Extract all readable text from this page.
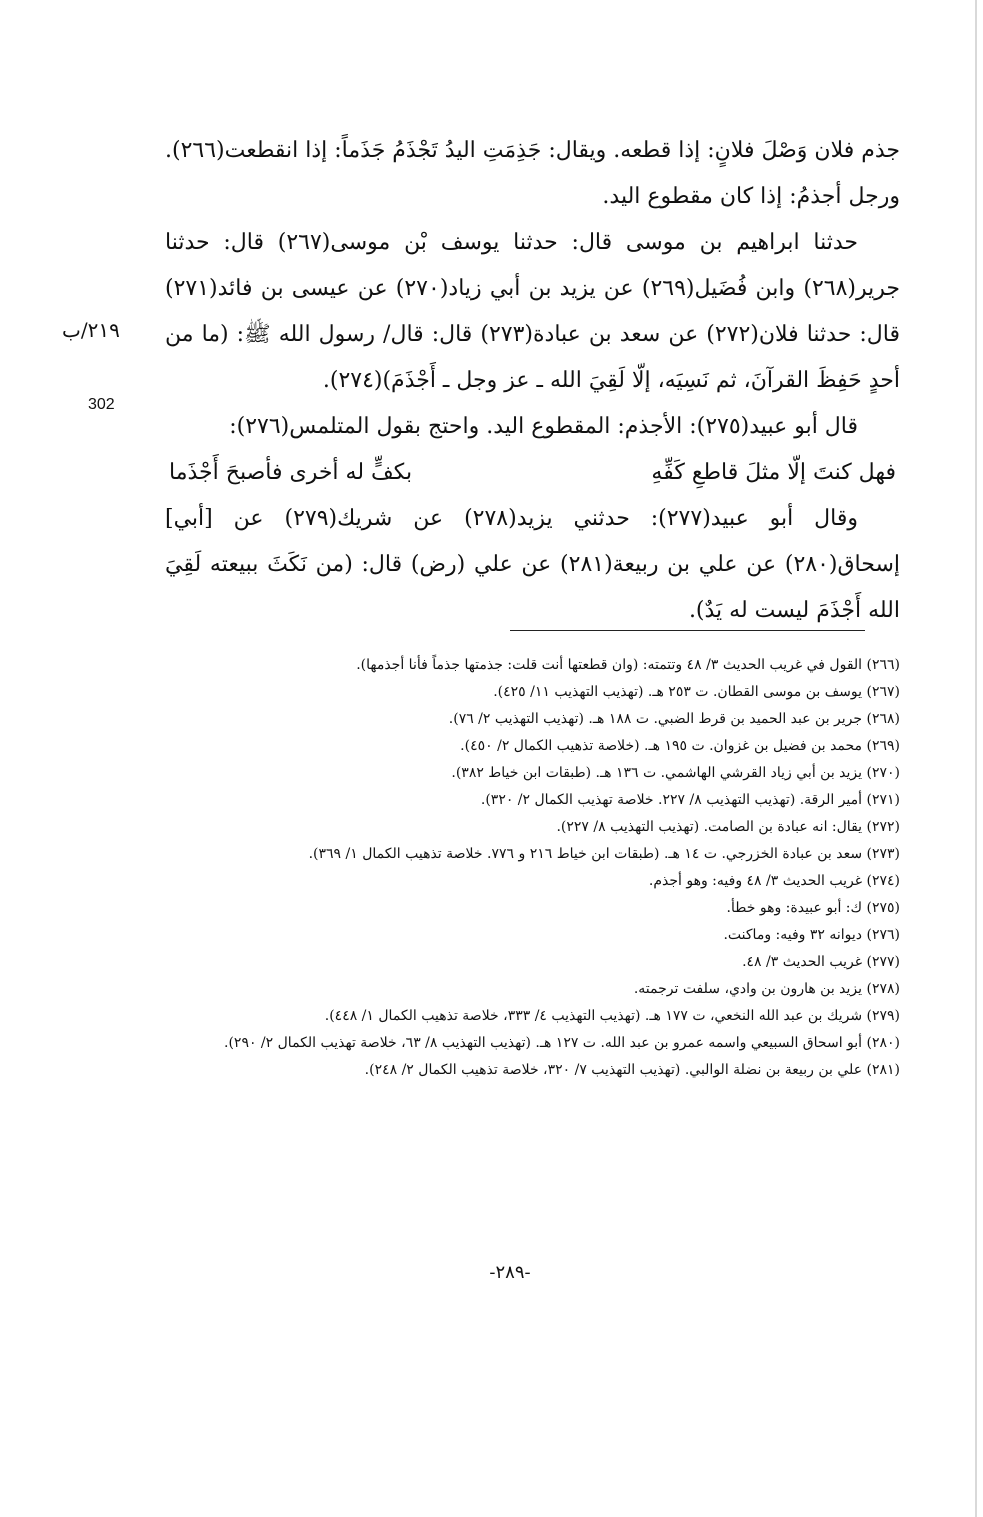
جذم فلان وَصْلَ فلانٍ: إذا قطعه. ويقال: جَذِمَتِ اليدُ تَجْذَمُ جَذَماً: إذا انقطعت(٢٦٦). ورجل أجذمُ: إذا كان مقطوع اليد.

حدثنا ابراهيم بن موسى قال: حدثنا يوسف بْن موسى(٢٦٧) قال: حدثنا جرير(٢٦٨) وابن فُضَيل(٢٦٩) عن يزيد بن أبي زياد(٢٧٠) عن عيسى بن فائد(٢٧١) قال: حدثنا فلان(٢٧٢) عن سعد بن عبادة(٢٧٣) قال: قال/ رسول الله ﷺ: (ما من أحدٍ حَفِظَ القرآنَ، ثم نَسِيَه، إلّا لَقِيَ الله ـ عز وجل ـ أَجْذَمَ)(٢٧٤).

قال أبو عبيد(٢٧٥): الأجذم: المقطوع اليد. واحتج بقول المتلمس(٢٧٦):

فهل كنتَ إلّا مثلَ قاطعِ كَفِّهِ
بكفٍّ له أخرى فأصبحَ أَجْذَما

وقال أبو عبيد(٢٧٧): حدثني يزيد(٢٧٨) عن شريك(٢٧٩) عن [أبي] إسحاق(٢٨٠) عن علي بن ربيعة(٢٨١) عن علي (رض) قال: (من نَكَثَ ببيعته لَقِيَ الله أَجْذَمَ ليست له يَدٌ).

٢١٩/ب
302

(٢٦٦) القول في غريب الحديث ٣/ ٤٨ وتتمته: (وان قطعتها أنت قلت: جذمتها جذماً فأنا أجذمها).

(٢٦٧) يوسف بن موسى القطان. ت ٢٥٣ هـ. (تهذيب التهذيب ١١/ ٤٢٥).

(٢٦٨) جرير بن عبد الحميد بن قرط الضبي. ت ١٨٨ هـ. (تهذيب التهذيب ٢/ ٧٦).

(٢٦٩) محمد بن فضيل بن غزوان. ت ١٩٥ هـ. (خلاصة تذهيب الكمال ٢/ ٤٥٠).

(٢٧٠) يزيد بن أبي زياد القرشي الهاشمي. ت ١٣٦ هـ. (طبقات ابن خياط ٣٨٢).

(٢٧١) أمير الرقة. (تهذيب التهذيب ٨/ ٢٢٧. خلاصة تهذيب الكمال ٢/ ٣٢٠).

(٢٧٢) يقال: انه عبادة بن الصامت. (تهذيب التهذيب ٨/ ٢٢٧).

(٢٧٣) سعد بن عبادة الخزرجي. ت ١٤ هـ. (طبقات ابن خياط ٢١٦ و ٧٧٦. خلاصة تذهيب الكمال ١/ ٣٦٩).

(٢٧٤) غريب الحديث ٣/ ٤٨ وفيه: وهو أجذم.

(٢٧٥) ك: أبو عبيدة: وهو خطأ.

(٢٧٦) ديوانه ٣٢ وفيه: وماكنت.

(٢٧٧) غريب الحديث ٣/ ٤٨.

(٢٧٨) يزيد بن هارون بن وادي، سلفت ترجمته.

(٢٧٩) شريك بن عبد الله النخعي، ت ١٧٧ هـ. (تهذيب التهذيب ٤/ ٣٣٣، خلاصة تذهيب الكمال ١/ ٤٤٨).

(٢٨٠) أبو اسحاق السبيعي واسمه عمرو بن عبد الله. ت ١٢٧ هـ. (تهذيب التهذيب ٨/ ٦٣، خلاصة تهذيب الكمال ٢/ ٢٩٠).

(٢٨١) علي بن ربيعة بن نضلة الوالبي. (تهذيب التهذيب ٧/ ٣٢٠، خلاصة تذهيب الكمال ٢/ ٢٤٨).

-٢٨٩-
